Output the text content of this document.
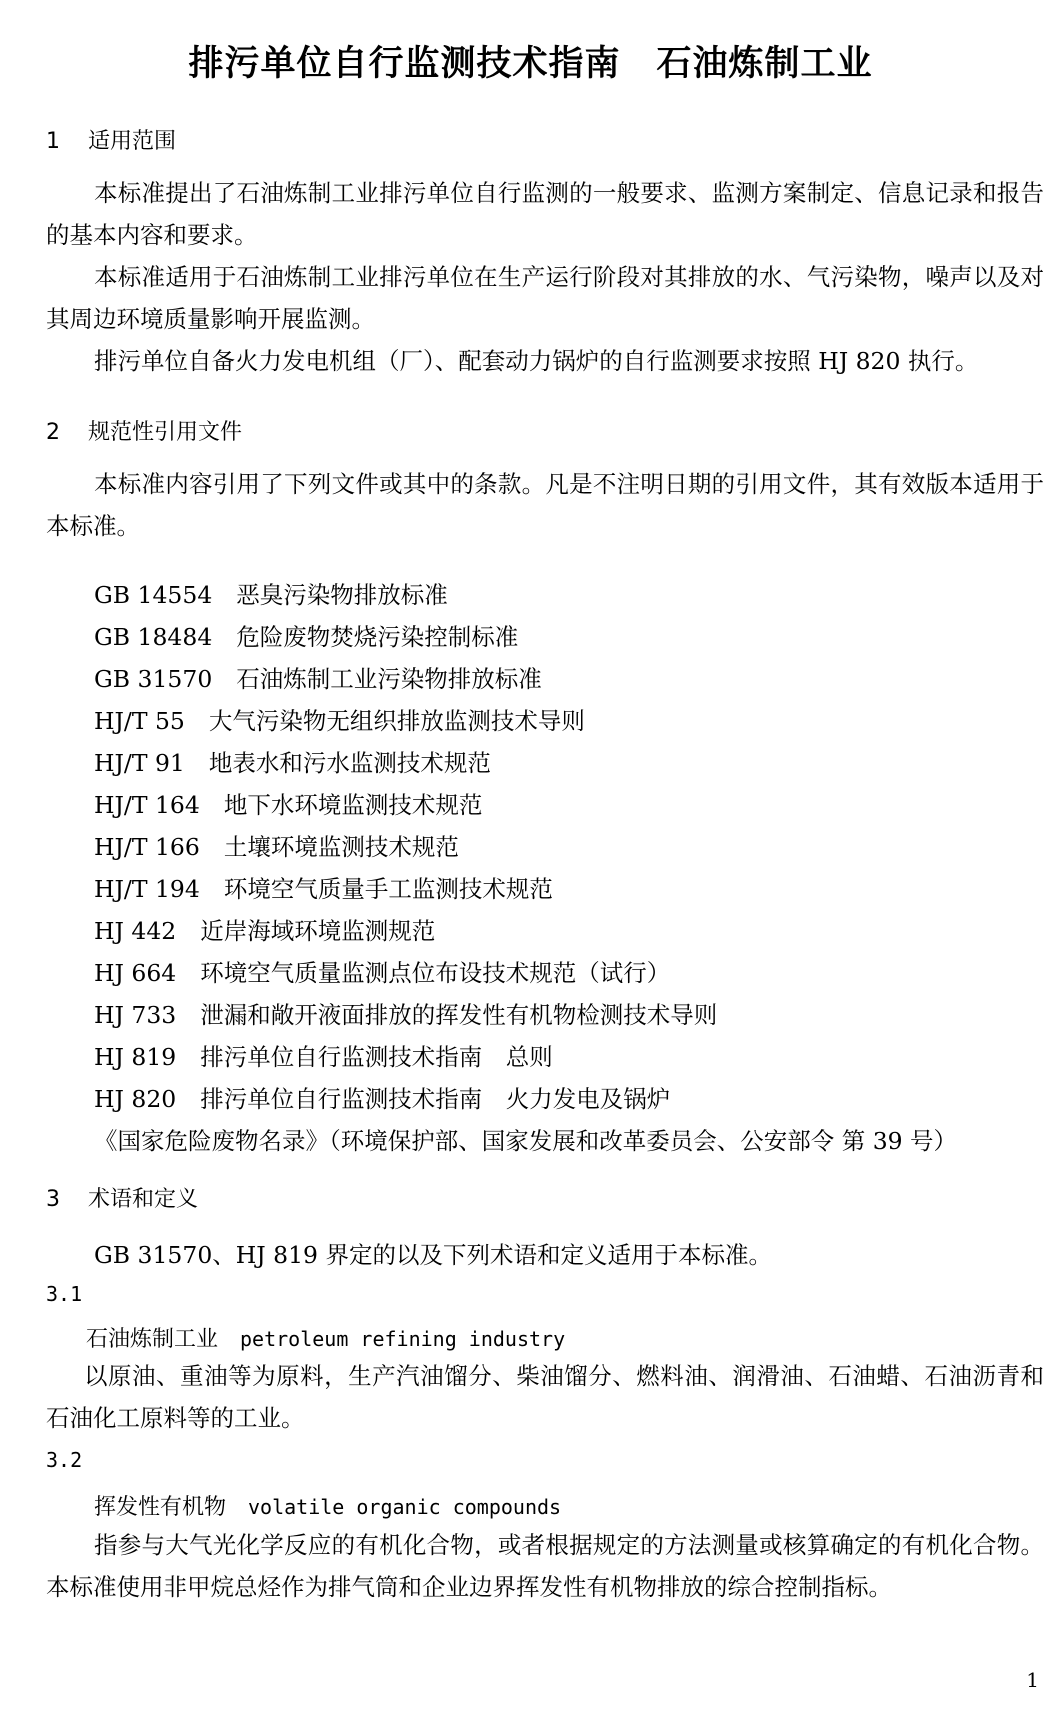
排污单位自行监测技术指南　石油炼制工业
1 适用范围
本标准提出了石油炼制工业排污单位自行监测的一般要求、监测方案制定、信息记录和报告的基本内容和要求。
本标准适用于石油炼制工业排污单位在生产运行阶段对其排放的水、气污染物，噪声以及对其周边环境质量影响开展监测。
排污单位自备火力发电机组（厂）、配套动力锅炉的自行监测要求按照 HJ 820 执行。
2 规范性引用文件
本标准内容引用了下列文件或其中的条款。凡是不注明日期的引用文件，其有效版本适用于本标准。
GB 14554 恶臭污染物排放标准
GB 18484 危险废物焚烧污染控制标准
GB 31570 石油炼制工业污染物排放标准
HJ/T 55 大气污染物无组织排放监测技术导则
HJ/T 91 地表水和污水监测技术规范
HJ/T 164 地下水环境监测技术规范
HJ/T 166 土壤环境监测技术规范
HJ/T 194 环境空气质量手工监测技术规范
HJ 442 近岸海域环境监测规范
HJ 664 环境空气质量监测点位布设技术规范（试行）
HJ 733 泄漏和敞开液面排放的挥发性有机物检测技术导则
HJ 819 排污单位自行监测技术指南　总则
HJ 820 排污单位自行监测技术指南　火力发电及锅炉
《国家危险废物名录》（环境保护部、国家发展和改革委员会、公安部令 第 39 号）
3 术语和定义
GB 31570、HJ 819 界定的以及下列术语和定义适用于本标准。
3.1
石油炼制工业 petroleum refining industry
以原油、重油等为原料，生产汽油馏分、柴油馏分、燃料油、润滑油、石油蜡、石油沥青和石油化工原料等的工业。
3.2
挥发性有机物 volatile organic compounds
指参与大气光化学反应的有机化合物，或者根据规定的方法测量或核算确定的有机化合物。本标准使用非甲烷总烃作为排气筒和企业边界挥发性有机物排放的综合控制指标。
1
